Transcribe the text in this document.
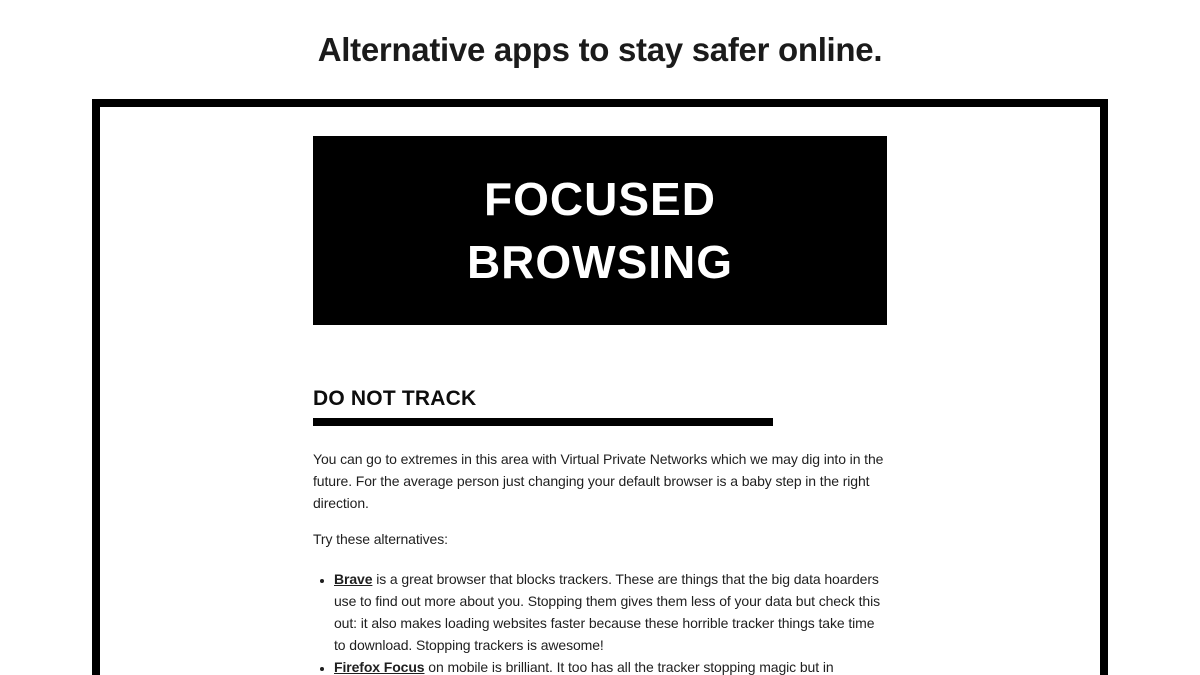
Alternative apps to stay safer online.
FOCUSED
BROWSING
DO NOT TRACK

You can go to extremes in this area with Virtual Private Networks which we may dig into in the future. For the average person just changing your default browser is a baby step in the right direction.

Try these alternatives:

• Brave is a great browser that blocks trackers. These are things that the big data hoarders use to find out more about you. Stopping them gives them less of your data but check this out: it also makes loading websites faster because these horrible tracker things take time to download. Stopping trackers is awesome!
• Firefox Focus on mobile is brilliant. It too has all the tracker stopping magic but in
